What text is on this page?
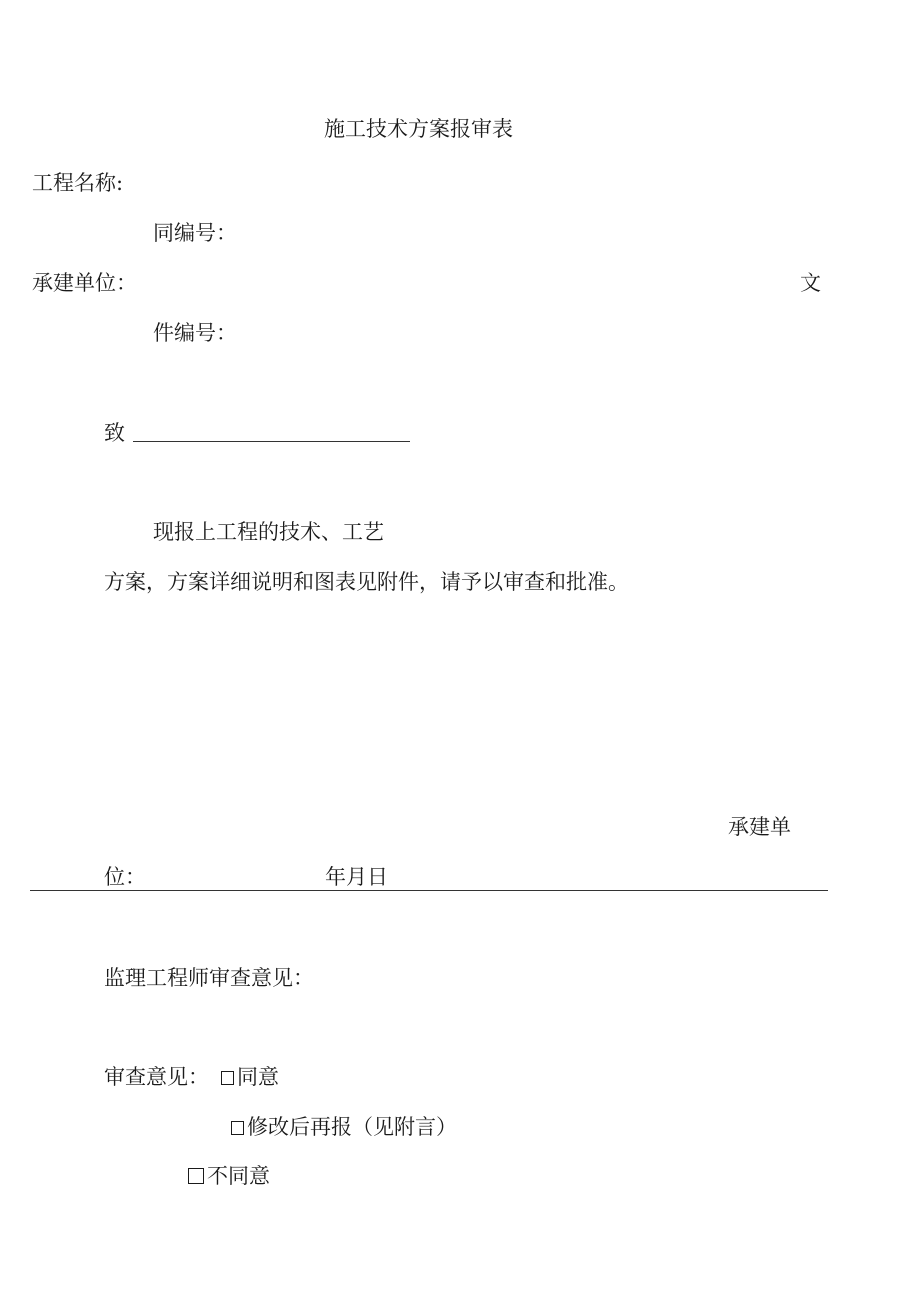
施工技术方案报审表
工程名称:
同编号：
承建单位：	文
件编号：
致
现报上工程的技术、工艺
方案，方案详细说明和图表见附件，请予以审查和批准。
承建单
位：	年月日
监理工程师审查意见：
审查意见：	同意
修改后再报（见附言）
不同意
